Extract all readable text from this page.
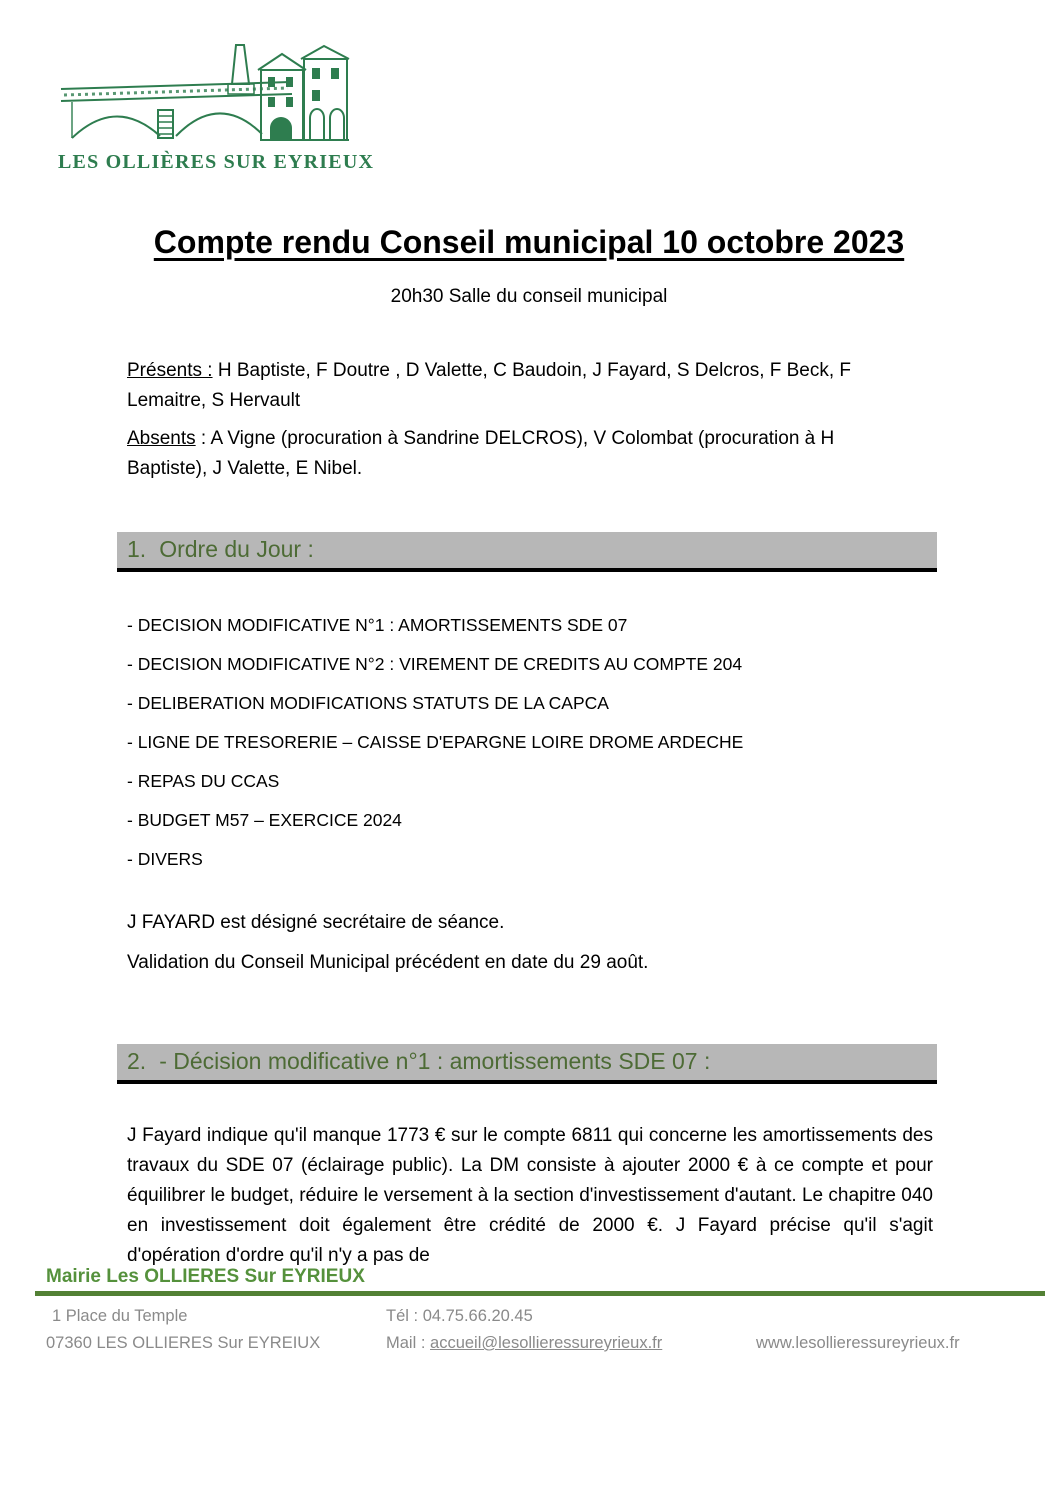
LES OLLIÈRES SUR EYRIEUX
Compte rendu Conseil municipal 10 octobre 2023
20h30 Salle du conseil municipal

Présents : H Baptiste, F Doutre , D Valette, C Baudoin, J Fayard, S Delcros, F Beck, F Lemaitre, S Hervault

Absents : A Vigne (procuration à Sandrine DELCROS), V Colombat (procuration à H Baptiste), J Valette, E Nibel.

1. Ordre du Jour :
- DECISION MODIFICATIVE N°1 : AMORTISSEMENTS SDE 07
- DECISION MODIFICATIVE N°2 : VIREMENT DE CREDITS AU COMPTE 204
- DELIBERATION MODIFICATIONS STATUTS DE LA CAPCA
- LIGNE DE TRESORERIE – CAISSE D'EPARGNE LOIRE DROME ARDECHE
- REPAS DU CCAS
- BUDGET M57 – EXERCICE 2024
- DIVERS
J FAYARD est désigné secrétaire de séance.
Validation du Conseil Municipal précédent en date du 29 août.
2. - Décision modificative n°1 : amortissements SDE 07 :

J Fayard indique qu'il manque 1773 € sur le compte 6811 qui concerne les amortissements des travaux du SDE 07 (éclairage public). La DM consiste à ajouter 2000 € à ce compte et pour équilibrer le budget, réduire le versement à la section d'investissement d'autant. Le chapitre 040 en investissement doit également être crédité de 2000 €. J Fayard précise qu'il s'agit d'opération d'ordre qu'il n'y a pas de

Mairie Les OLLIERES Sur EYRIEUX
1 Place du Temple
07360 LES OLLIERES Sur EYREIUX
Tél : 04.75.66.20.45
Mail : accueil@lesollieressureyrieux.fr	www.lesollieressureyrieux.fr
